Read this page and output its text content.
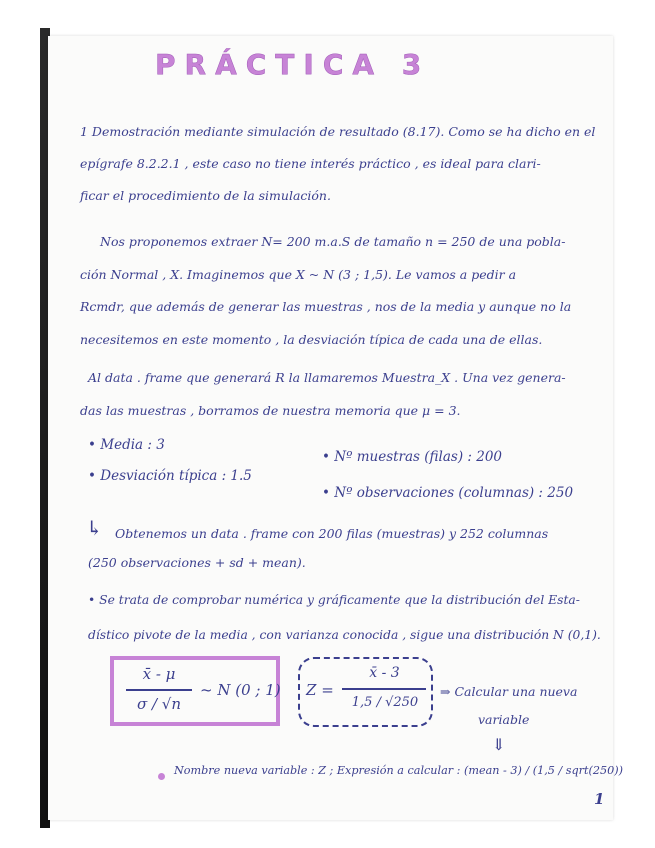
PRÁCTICA 3
1 Demostración mediante simulación de resultado (8.17). Como se ha dicho en el
epígrafe 8.2.2.1 , este caso no tiene interés práctico , es ideal para clari-
ficar el procedimiento de la simulación.
Nos proponemos extraer N= 200 m.a.S de tamaño n = 250 de una pobla-
ción Normal , X. Imaginemos que X ~ N (3 ; 1,5). Le vamos a pedir a
Rcmdr, que además de generar las muestras , nos de la media y aunque no la
necesitemos en este momento , la desviación típica de cada una de ellas.
Al data . frame que generará R la llamaremos Muestra_X . Una vez genera-
das las muestras , borramos de nuestra memoria que μ = 3.
• Media : 3
• Desviación típica : 1.5
• Nº muestras (filas) : 200
• Nº observaciones (columnas) : 250
↳ Obtenemos un data . frame con 200 filas (muestras) y 252 columnas
(250 observaciones + sd + mean).
• Se trata de comprobar numérica y gráficamente que la distribución del Esta-
dístico pivote de la media , con varianza conocida , sigue una distribución N (0,1).
x̄ - μ
σ / √n
~ N (0 ; 1) Z =
x̄ - 3
1,5 / √250
⇒ Calcular una nueva
variable
⇓
Nombre nueva variable : Z ; Expresión a calcular : (mean - 3) / (1,5 / sqrt(250))
1
